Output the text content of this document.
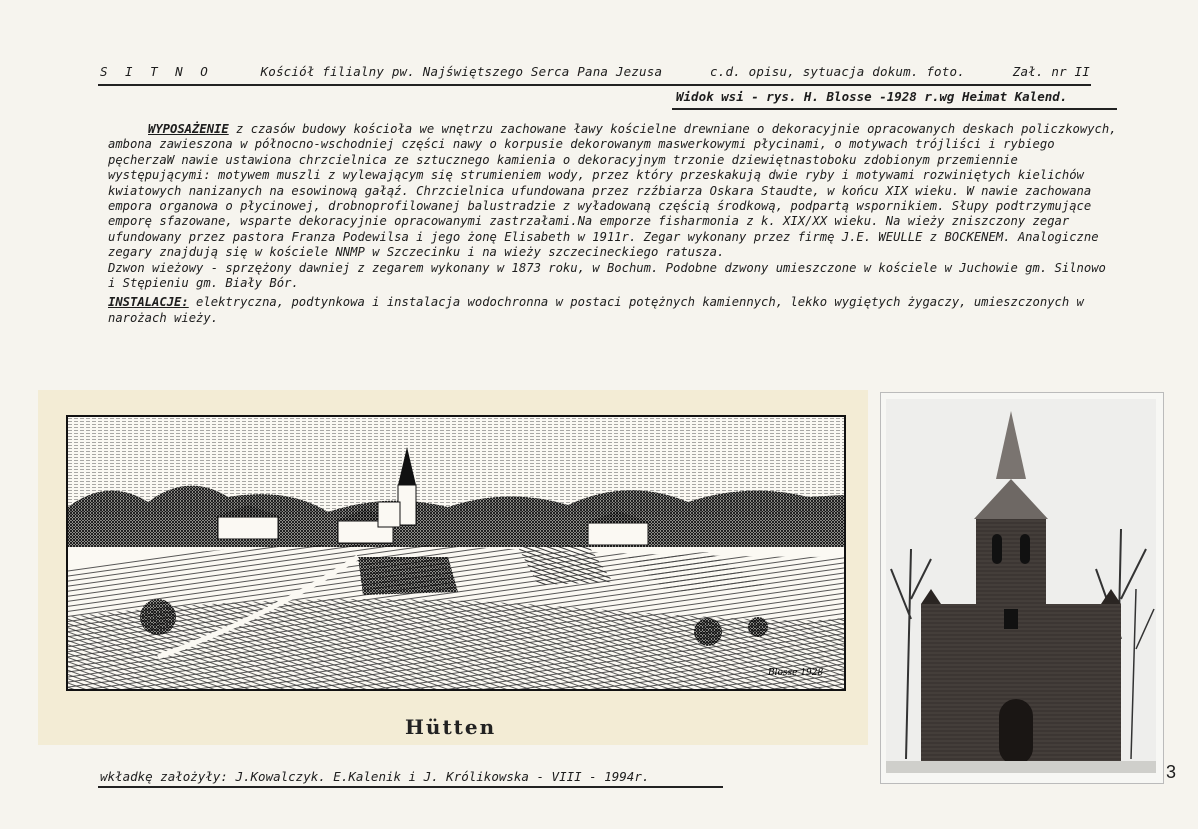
S I T N O	Kościół filialny pw. Najświętszego Serca Pana Jezusa	c.d. opisu, sytuacja dokum. foto.	Zał. nr II
Widok wsi - rys. H. Blosse -1928 r.wg Heimat Kalend.

WYPOSAŻENIE z czasów budowy kościoła we wnętrzu zachowane ławy kościelne drewniane o dekoracyjnie opracowanych deskach policzkowych, ambona zawieszona w północno-wschodniej części nawy o korpusie dekorowanym maswerkowymi płycinami, o motywach trójliści i rybiego pęcherzaW nawie ustawiona chrzcielnica ze sztucznego kamienia o dekoracyjnym trzonie dziewiętnastoboku zdobionym przemiennie występującymi: motywem muszli z wylewającym się strumieniem wody, przez który przeskakują dwie ryby i motywami rozwiniętych kielichów kwiatowych nanizanych na esowinową gałąź. Chrzcielnica ufundowana przez rzźbiarza Oskara Staudte, w końcu XIX wieku. W nawie zachowana empora organowa o płycinowej, drobnoprofilowanej balustradzie z wyładowaną częścią środkową, podpartą wspornikiem. Słupy podtrzymujące emporę sfazowane, wsparte dekoracyjnie opracowanymi zastrzałami.Na emporze fisharmonia z k. XIX/XX wieku. Na wieży zniszczony zegar ufundowany przez pastora Franza Podewilsa i jego żonę Elisabeth w 1911r. Zegar wykonany przez firmę J.E. WEULLE z BOCKENEM. Analogiczne zegary znajdują się w kościele NNMP w Szczecinku i na wieży szczecineckiego ratusza.

Dzwon wieżowy - sprzężony dawniej z zegarem wykonany w 1873 roku, w Bochum. Podobne dzwony umieszczone w kościele w Juchowie gm. Silnowo i Stępieniu gm. Biały Bór.

INSTALACJE: elektryczna, podtynkowa i instalacja wodochronna w postaci potężnych kamiennych, lekko wygiętych żygaczy, umieszczonych w narożach wieży.

Blosse 1928
Hütten
wkładkę założyły: J.Kowalczyk. E.Kalenik i J. Królikowska - VIII - 1994r.	3
